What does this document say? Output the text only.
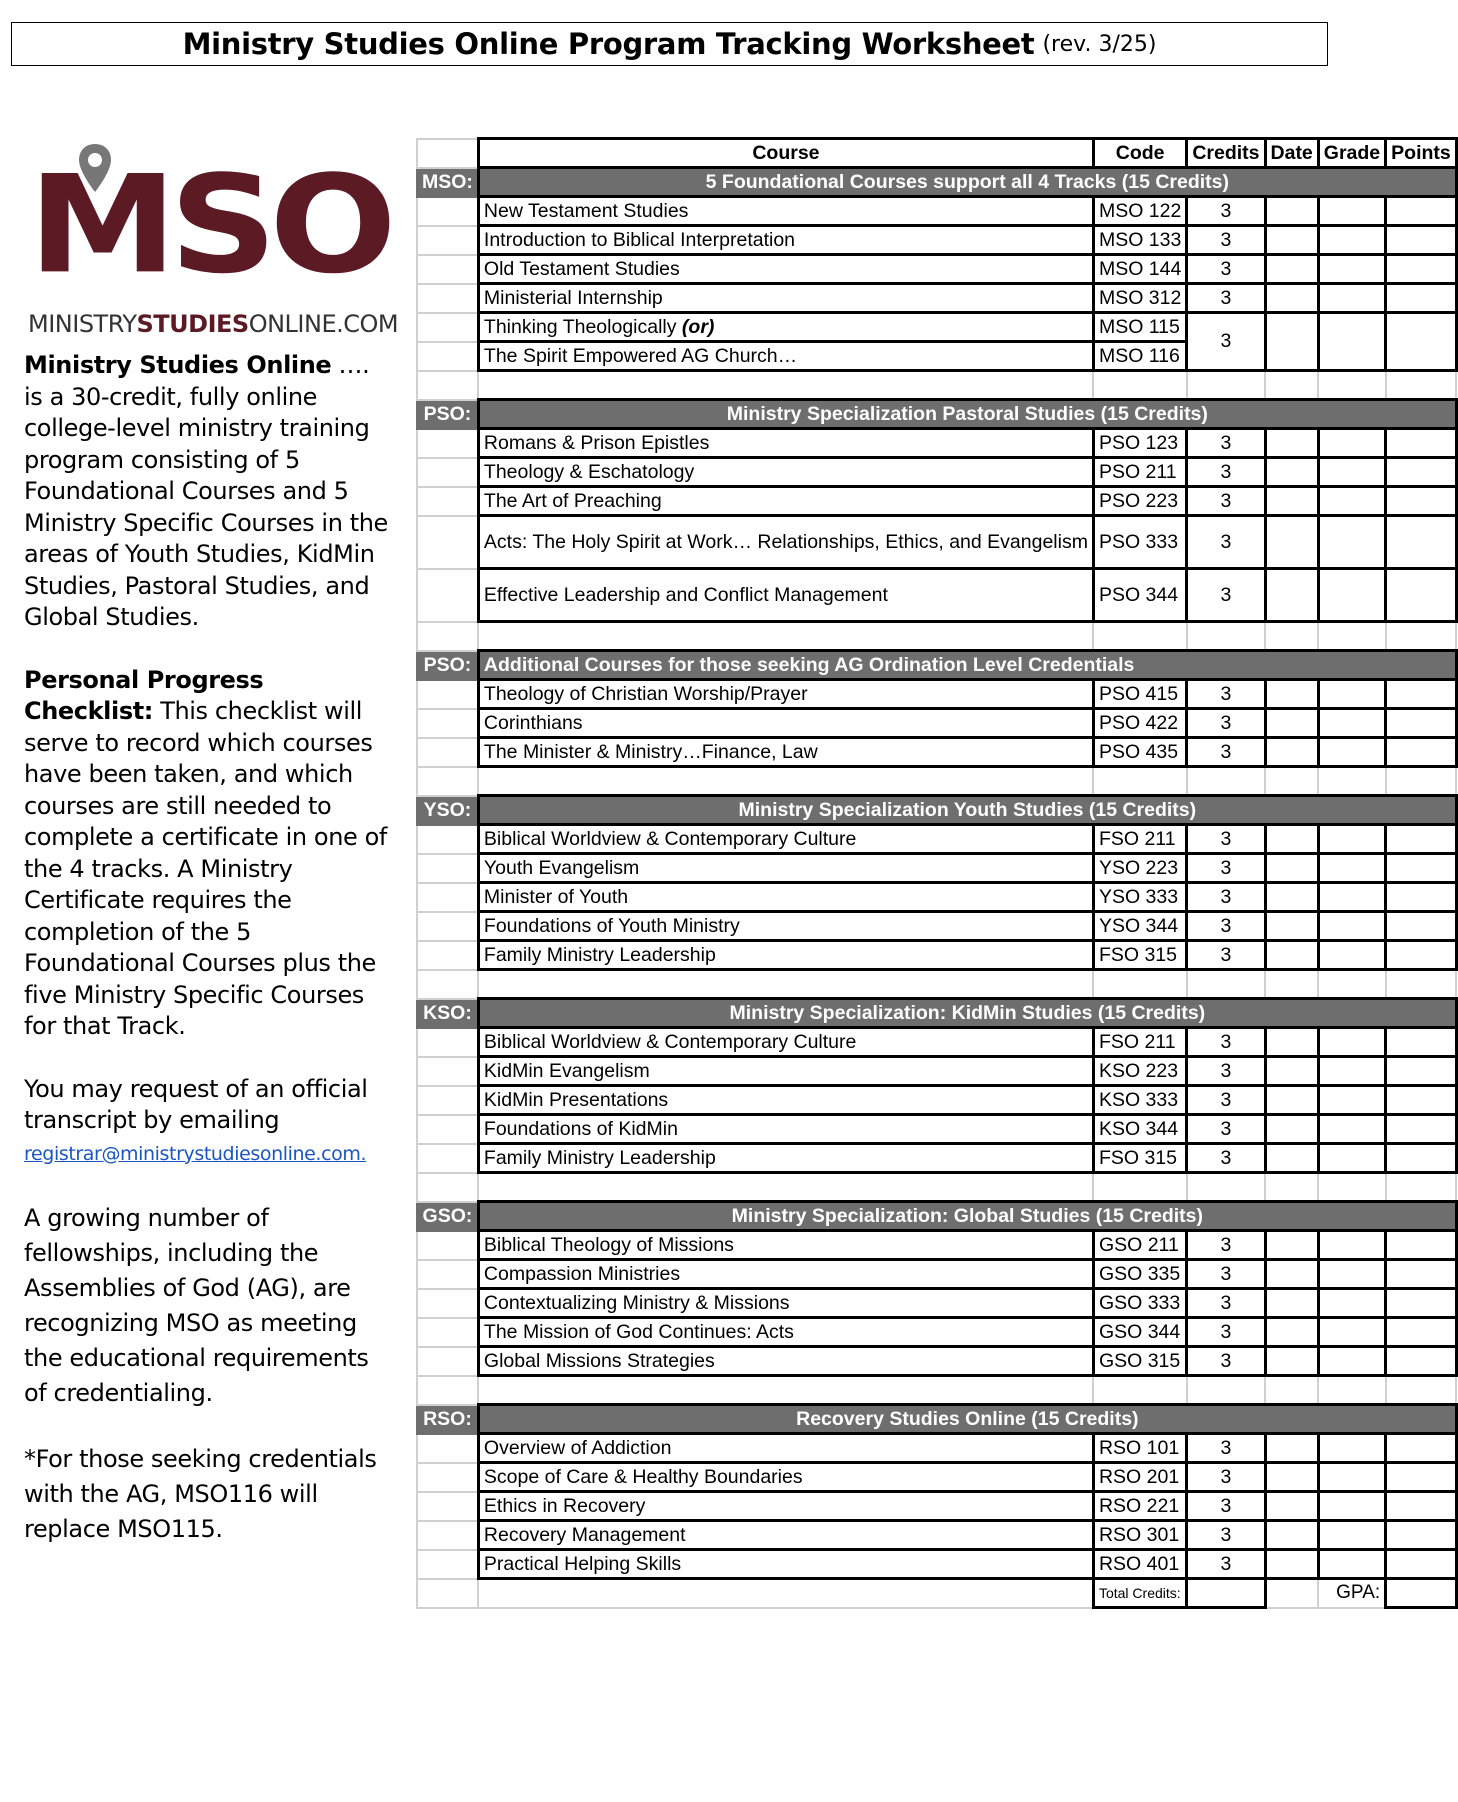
Ministry Studies Online Program Tracking Worksheet (rev. 3/25)
MSO
MINISTRYSTUDIESONLINE.COM

Ministry Studies Online …. is a 30-credit, fully online college-level ministry training program consisting of 5 Foundational Courses and 5 Ministry Specific Courses in the areas of Youth Studies, KidMin Studies, Pastoral Studies, and Global Studies.

Personal Progress Checklist: This checklist will serve to record which courses have been taken, and which courses are still needed to complete a certificate in one of the 4 tracks. A Ministry Certificate requires the completion of the 5 Foundational Courses plus the five Ministry Specific Courses for that Track.

You may request of an official transcript by emailing
registrar@ministrystudiesonline.com.

A growing number of fellowships, including the Assemblies of God (AG), are recognizing MSO as meeting the educational requirements of credentialing.

*For those seeking credentials with the AG, MSO116 will replace MSO115.

	Course	Code	Credits	Date	Grade	Points
MSO:	5 Foundational Courses support all 4 Tracks (15 Credits)					
	New Testament Studies	MSO 122	3			
	Introduction to Biblical Interpretation	MSO 133	3			
	Old Testament Studies	MSO 144	3			
	Ministerial Internship	MSO 312	3			
	Thinking Theologically (or)	MSO 115	3			
	The Spirit Empowered AG Church…	MSO 116				

PSO:	Ministry Specialization Pastoral Studies (15 Credits)					
	Romans & Prison Epistles	PSO 123	3			
	Theology & Eschatology	PSO 211	3			
	The Art of Preaching	PSO 223	3			
	Acts: The Holy Spirit at Work… Relationships, Ethics, and Evangelism	PSO 333	3			
	Effective Leadership and Conflict Management	PSO 344	3			

PSO:	Additional Courses for those seeking AG Ordination Level Credentials					
	Theology of Christian Worship/Prayer	PSO 415	3			
	Corinthians	PSO 422	3			
	The Minister & Ministry…Finance, Law	PSO 435	3			

YSO:	Ministry Specialization Youth Studies (15 Credits)					
	Biblical Worldview & Contemporary Culture	FSO 211	3			
	Youth Evangelism	YSO 223	3			
	Minister of Youth	YSO 333	3			
	Foundations of Youth Ministry	YSO 344	3			
	Family Ministry Leadership	FSO 315	3			

KSO:	Ministry Specialization: KidMin Studies (15 Credits)					
	Biblical Worldview & Contemporary Culture	FSO 211	3			
	KidMin Evangelism	KSO 223	3			
	KidMin Presentations	KSO 333	3			
	Foundations of KidMin	KSO 344	3			
	Family Ministry Leadership	FSO 315	3			

GSO:	Ministry Specialization: Global Studies (15 Credits)					
	Biblical Theology of Missions	GSO 211	3			
	Compassion Ministries	GSO 335	3			
	Contextualizing Ministry & Missions	GSO 333	3			
	The Mission of God Continues: Acts	GSO 344	3			
	Global Missions Strategies	GSO 315	3			

RSO:	Recovery Studies Online (15 Credits)					
	Overview of Addiction	RSO 101	3			
	Scope of Care & Healthy Boundaries	RSO 201	3			
	Ethics in Recovery	RSO 221	3			
	Recovery Management	RSO 301	3			
	Practical Helping Skills	RSO 401	3			
		Total Credits:			GPA:	
